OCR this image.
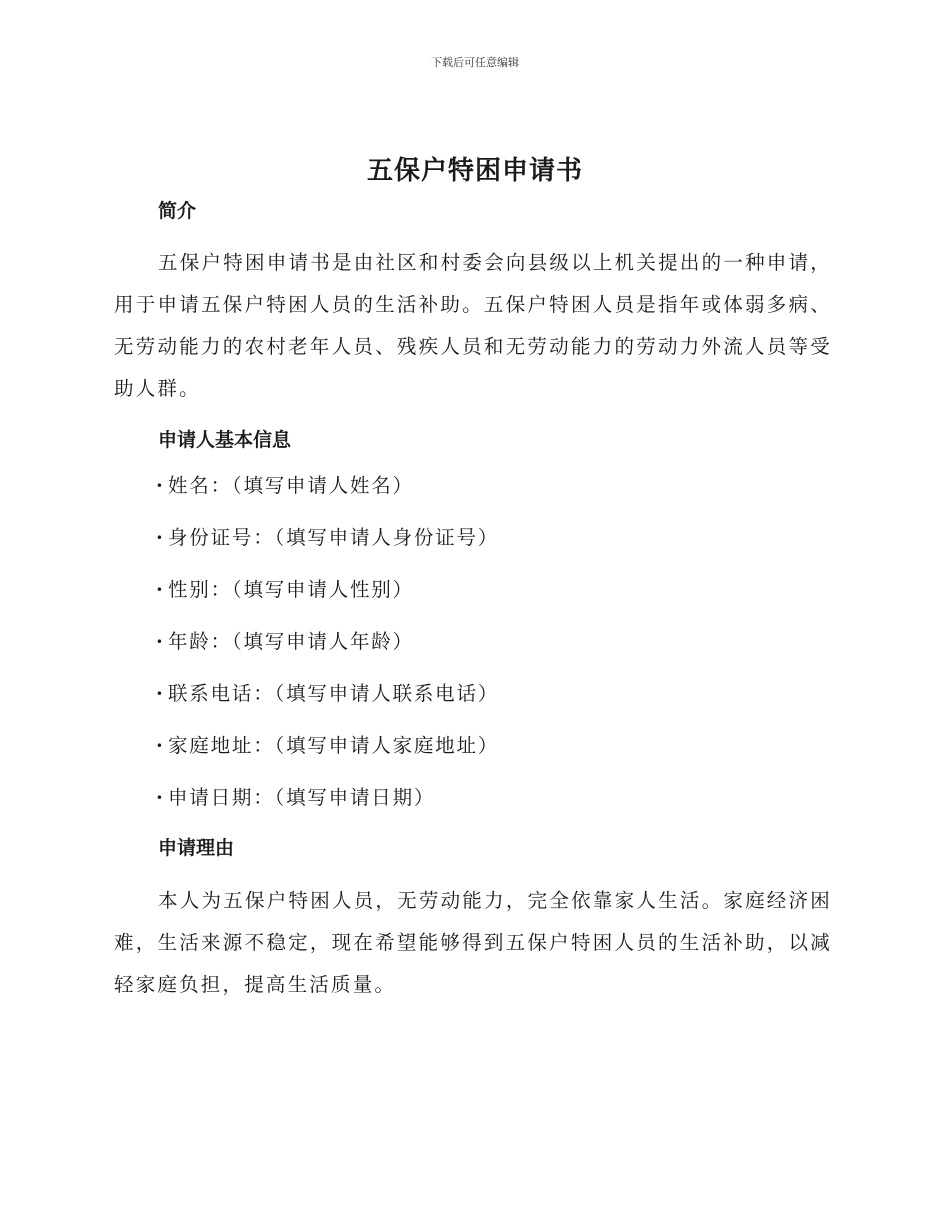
下载后可任意编辑
五保户特困申请书
简介

五保户特困申请书是由社区和村委会向县级以上机关提出的一种申请，用于申请五保户特困人员的生活补助。五保户特困人员是指年或体弱多病、无劳动能力的农村老年人员、残疾人员和无劳动能力的劳动力外流人员等受助人群。

申请人基本信息
· 姓名：（填写申请人姓名）
· 身份证号：（填写申请人身份证号）
· 性别：（填写申请人性别）
· 年龄：（填写申请人年龄）
· 联系电话：（填写申请人联系电话）
· 家庭地址：（填写申请人家庭地址）
· 申请日期：（填写申请日期）
申请理由

本人为五保户特困人员，无劳动能力，完全依靠家人生活。家庭经济困难，生活来源不稳定，现在希望能够得到五保户特困人员的生活补助，以减轻家庭负担，提高生活质量。
